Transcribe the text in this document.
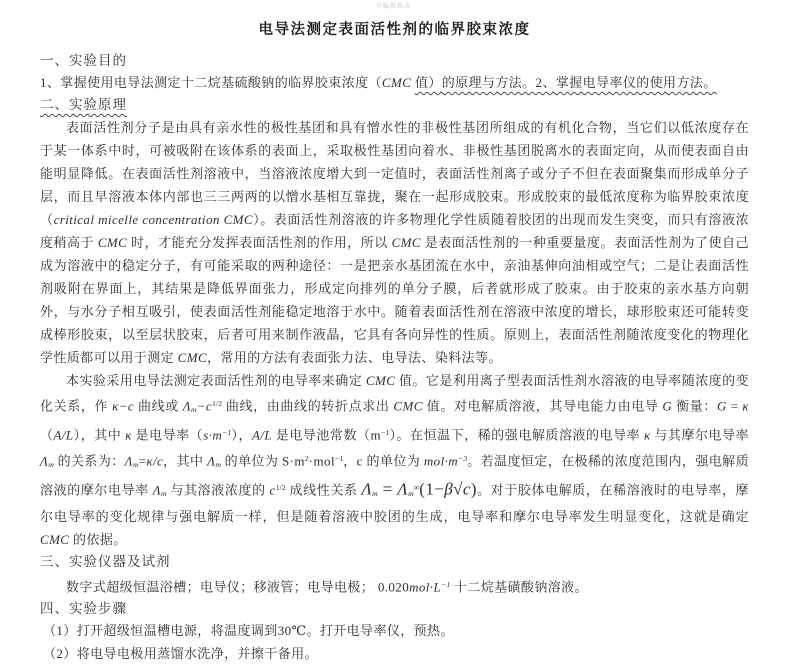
可编辑修改
电导法测定表面活性剂的临界胶束浓度
一、实验目的

1、掌握使用电导法测定十二烷基硫酸钠的临界胶束浓度（CMC 值）的原理与方法。2、掌握电导率仪的使用方法。

二、实验原理

表面活性剂分子是由具有亲水性的极性基团和具有憎水性的非极性基团所组成的有机化合物，当它们以低浓度存在于某一体系中时，可被吸附在该体系的表面上，采取极性基团向着水、非极性基团脱离水的表面定向，从而使表面自由能明显降低。在表面活性剂溶液中，当溶液浓度增大到一定值时，表面活性剂离子或分子不但在表面聚集而形成单分子层，而且早溶液本体内部也三三两两的以憎水基相互靠拢，聚在一起形成胶束。形成胶束的最低浓度称为临界胶束浓度（critical micelle concentration CMC）。表面活性剂溶液的许多物理化学性质随着胶团的出现而发生突变，而只有溶液浓度稍高于 CMC 时，才能充分发挥表面活性剂的作用，所以 CMC 是表面活性剂的一种重要量度。表面活性剂为了使自己成为溶液中的稳定分子，有可能采取的两种途径：一是把亲水基团流在水中，亲油基伸向油相或空气；二是让表面活性剂吸附在界面上，其结果是降低界面张力，形成定向排列的单分子膜，后者就形成了胶束。由于胶束的亲水基方向朝外，与水分子相互吸引，使表面活性剂能稳定地溶于水中。随着表面活性剂在溶液中浓度的增长，球形胶束还可能转变成棒形胶束，以至层状胶束，后者可用来制作液晶，它具有各向异性的性质。原则上，表面活性剂随浓度变化的物理化学性质都可以用于测定 CMC，常用的方法有表面张力法、电导法、染料法等。

本实验采用电导法测定表面活性剂的电导率来确定 CMC 值。它是利用离子型表面活性剂水溶液的电导率随浓度的变化关系，作 κ−c 曲线或 $\Lambda_m-c^{1/2}$ 曲线，由曲线的转折点求出 CMC 值。对电解质溶液，其导电能力由电导 G 衡量：G = κ（A/L），其中 κ 是电导率$(s\cdot m^{-1})$，A/L 是电导池常数$(m^{-1})$。在恒温下，稀的强电解质溶液的电导率 κ 与其摩尔电导率 $\Lambda_m$ 的关系为：$\Lambda_m=\kappa/c$，其中 $\Lambda_m$ 的单位为 $S\cdot m^2\cdot mol^{-1}$，c 的单位为 $mol\cdot m^{-3}$。若温度恒定，在极稀的浓度范围内，强电解质溶液的摩尔电导率 $\Lambda_m$ 与其溶液浓度的 $c^{1/2}$ 成线性关系 $\Lambda_m = \Lambda_m^\infty(1-\beta√c)$。对于胶体电解质，在稀溶液时的电导率，摩尔电导率的变化规律与强电解质一样，但是随着溶液中胶团的生成，电导率和摩尔电导率发生明显变化，这就是确定 CMC 的依据。

三、实验仪器及试剂

数字式超级恒温浴槽；电导仪；移液管；电导电极； $0.020mol\cdot L^{-1}$ 十二烷基磺酸钠溶液。

四、实验步骤

（1）打开超级恒温槽电源，将温度调到30℃。打开电导率仪，预热。

（2）将电导电极用蒸馏水洗净，并擦干备用。
